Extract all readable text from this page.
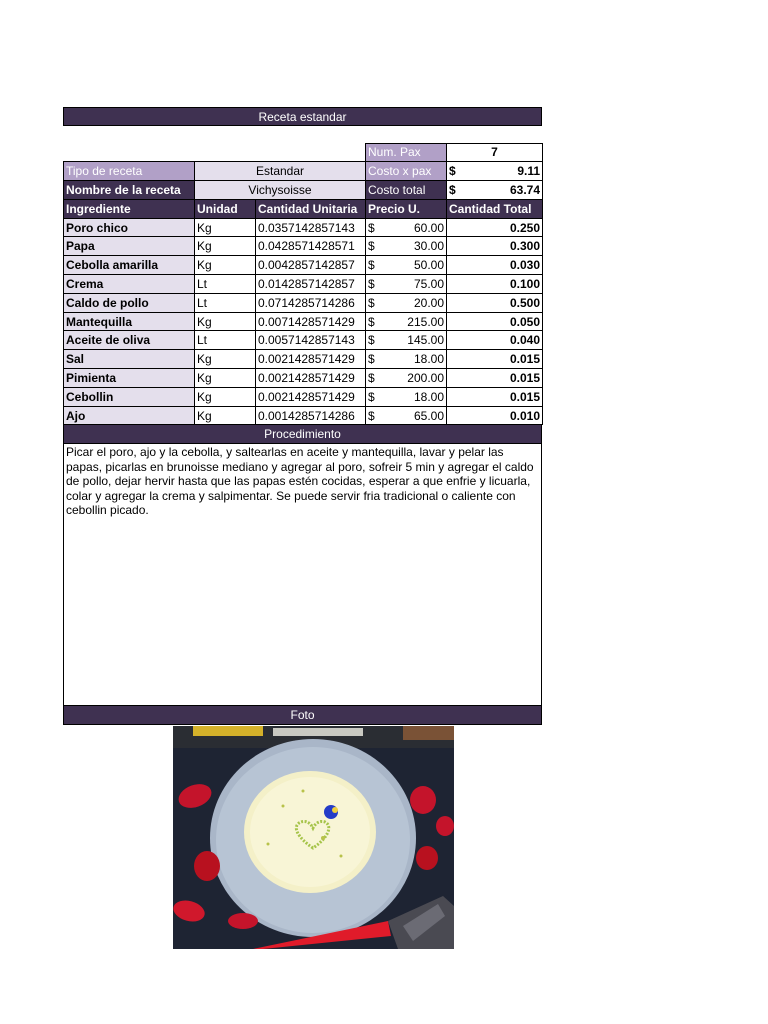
Receta estandar

			Num. Pax	7
Tipo de receta	Estandar		Costo x pax	$ 9.11

Nombre de la receta	Vichysoisse		Costo total	$ 63.74

Ingrediente	Unidad	Cantidad Unitaria	Precio U.	Cantidad Total
Poro chico	Kg	0.0357142857143	$ 60.00	0.250
Papa	Kg	0.0428571428571	$ 30.00	0.300
Cebolla amarilla	Kg	0.0042857142857	$ 50.00	0.030
Crema	Lt	0.0142857142857	$ 75.00	0.100
Caldo de pollo	Lt	0.0714285714286	$ 20.00	0.500
Mantequilla	Kg	0.0071428571429	$ 215.00	0.050
Aceite de oliva	Lt	0.0057142857143	$ 145.00	0.040
Sal	Kg	0.0021428571429	$ 18.00	0.015
Pimienta	Kg	0.0021428571429	$ 200.00	0.015
Cebollin	Kg	0.0021428571429	$ 18.00	0.015
Ajo	Kg	0.0014285714286	$ 65.00	0.010
Procedimiento
Picar el poro, ajo y la cebolla, y saltearlas en aceite y mantequilla, lavar y pelar las papas, picarlas en brunoisse mediano y agregar al poro, sofreir 5 min y agregar el caldo de pollo, dejar hervir hasta que las papas estén cocidas, esperar a que enfrie y licuarla, colar y agregar la crema y salpimentar. Se puede servir fria tradicional o caliente con cebollin picado.
Foto
